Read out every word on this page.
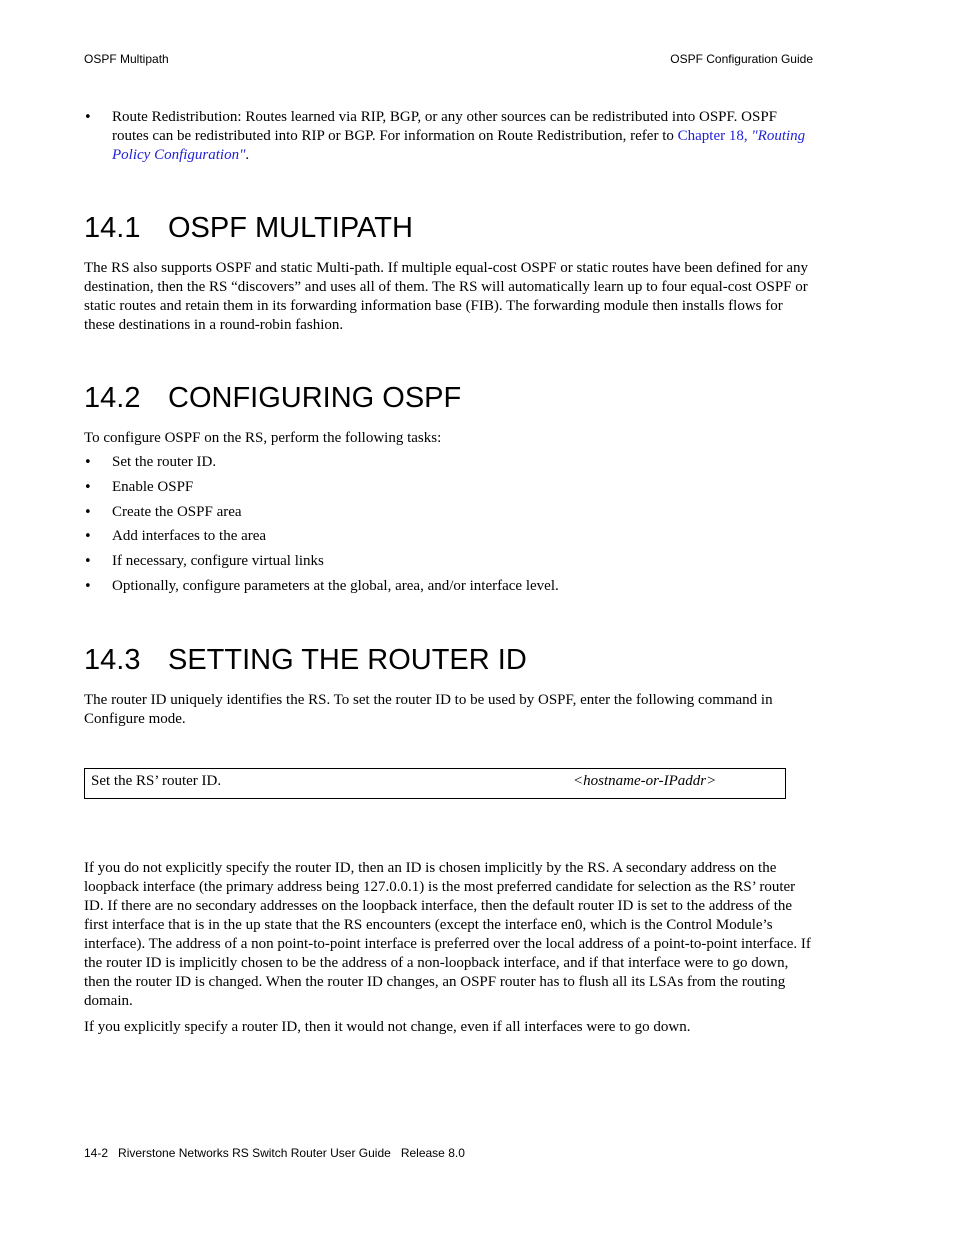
OSPF Multipath	OSPF Configuration Guide
•	Route Redistribution: Routes learned via RIP, BGP, or any other sources can be redistributed into OSPF. OSPF routes can be redistributed into RIP or BGP. For information on Route Redistribution, refer to Chapter 18, "Routing Policy Configuration".
14.1 OSPF MULTIPATH

The RS also supports OSPF and static Multi-path. If multiple equal-cost OSPF or static routes have been defined for any destination, then the RS “discovers” and uses all of them. The RS will automatically learn up to four equal-cost OSPF or static routes and retain them in its forwarding information base (FIB). The forwarding module then installs flows for these destinations in a round-robin fashion.

14.2 CONFIGURING OSPF

To configure OSPF on the RS, perform the following tasks:

•	Set the router ID.
•	Enable OSPF
•	Create the OSPF area
•	Add interfaces to the area
•	If necessary, configure virtual links
•	Optionally, configure parameters at the global, area, and/or interface level.
14.3 SETTING THE ROUTER ID

The router ID uniquely identifies the RS. To set the router ID to be used by OSPF, enter the following command in Configure mode.

Set the RS’ router ID.	<hostname-or-IPaddr>

If you do not explicitly specify the router ID, then an ID is chosen implicitly by the RS. A secondary address on the loopback interface (the primary address being 127.0.0.1) is the most preferred candidate for selection as the RS’ router ID. If there are no secondary addresses on the loopback interface, then the default router ID is set to the address of the first interface that is in the up state that the RS encounters (except the interface en0, which is the Control Module’s interface). The address of a non point-to-point interface is preferred over the local address of a point-to-point interface. If the router ID is implicitly chosen to be the address of a non-loopback interface, and if that interface were to go down, then the router ID is changed. When the router ID changes, an OSPF router has to flush all its LSAs from the routing domain.

If you explicitly specify a router ID, then it would not change, even if all interfaces were to go down.

14-2 Riverstone Networks RS Switch Router User Guide Release 8.0
